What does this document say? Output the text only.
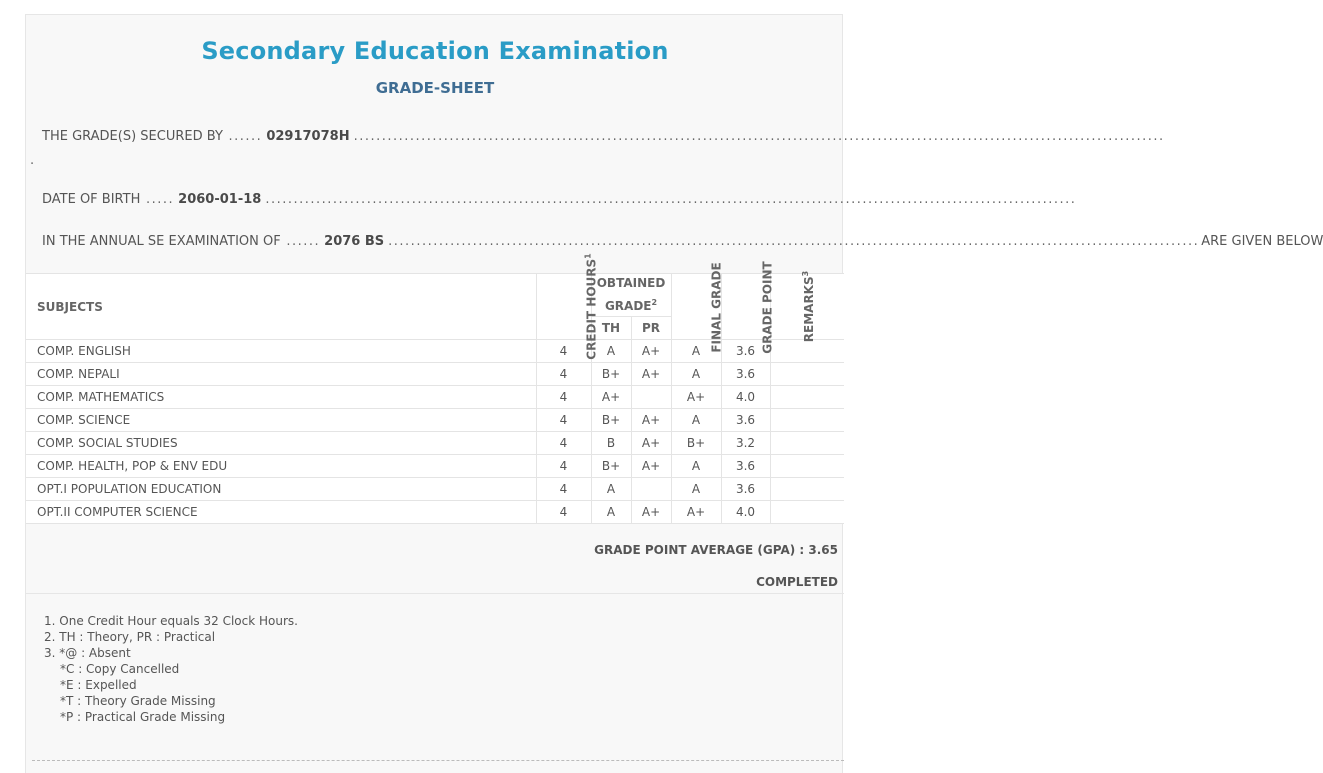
Secondary Education Examination
GRADE-SHEET
THE GRADE(S) SECURED BY ...... 02917078H ................................................................................................................................................
.
DATE OF BIRTH ..... 2060-01-18 ................................................................................................................................................
IN THE ANNUAL SE EXAMINATION OF ...... 2076 BS ................................................................................................................................................ ARE GIVEN BELOW
SUBJECTS	CREDIT HOURS$^1$	OBTAINED GRADE$^2$		FINAL GRADE	GRADE POINT	REMARKS$^3$
		TH	PR			
COMP. ENGLISH	4	A	A+	A	3.6	
COMP. NEPALI	4	B+	A+	A	3.6	
COMP. MATHEMATICS	4	A+		A+	4.0	
COMP. SCIENCE	4	B+	A+	A	3.6	
COMP. SOCIAL STUDIES	4	B	A+	B+	3.2	
COMP. HEALTH, POP & ENV EDU	4	B+	A+	A	3.6	
OPT.I POPULATION EDUCATION	4	A		A	3.6	
OPT.II COMPUTER SCIENCE	4	A	A+	A+	4.0	
GRADE POINT AVERAGE (GPA) : 3.65
COMPLETED
1. One Credit Hour equals 32 Clock Hours.
2. TH : Theory, PR : Practical
3. *@ : Absent
*C : Copy Cancelled
*E : Expelled
*T : Theory Grade Missing
*P : Practical Grade Missing
